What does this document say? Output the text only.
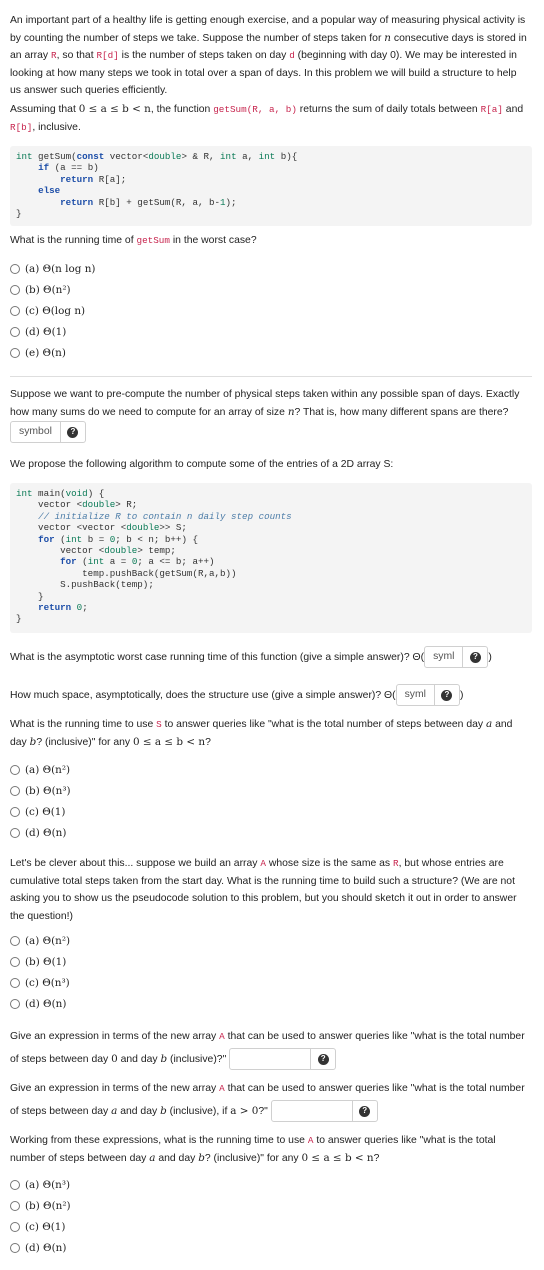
An important part of a healthy life is getting enough exercise, and a popular way of measuring physical activity is by counting the number of steps we take. Suppose the number of steps taken for n consecutive days is stored in an array R, so that R[d] is the number of steps taken on day d (beginning with day 0). We may be interested in looking at how many steps we took in total over a span of days. In this problem we will build a structure to help us answer such queries efficiently.

Assuming that 0 ≤ a ≤ b < n, the function getSum(R, a, b) returns the sum of daily totals between R[a] and R[b], inclusive.

int getSum(const vector<double> & R, int a, int b){
if (a == b)
return R[a];
else
return R[b] + getSum(R, a, b-1);
}

What is the running time of getSum in the worst case?

(a) Θ(n log n)
(b) Θ(n²)
(c) Θ(log n)
(d) Θ(1)
(e) Θ(n)

Suppose we want to pre-compute the number of physical steps taken within any possible span of days. Exactly how many sums do we need to compute for an array of size n? That is, how many different spans are there?
symbol	?

We propose the following algorithm to compute some of the entries of a 2D array S:

int main(void) {
vector <double> R;
// initialize R to contain n daily step counts
vector <vector <double>> S;
for (int b = 0; b < n; b++) {
vector <double> temp;
for (int a = 0; a <= b; a++)
temp.pushBack(getSum(R,a,b))
S.pushBack(temp);
}
return 0;
}

What is the asymptotic worst case running time of this function (give a simple answer)? Θ( syml	? )

How much space, asymptotically, does the structure use (give a simple answer)? Θ( syml	? )

What is the running time to use S to answer queries like "what is the total number of steps between day a and day b? (inclusive)" for any 0 ≤ a ≤ b < n?

(a) Θ(n²)
(b) Θ(n³)
(c) Θ(1)
(d) Θ(n)

Let's be clever about this... suppose we build an array A whose size is the same as R, but whose entries are cumulative total steps taken from the start day. What is the running time to build such a structure? (We are not asking you to show us the pseudocode solution to this problem, but you should sketch it out in order to answer the question!)

(a) Θ(n²)
(b) Θ(1)
(c) Θ(n³)
(d) Θ(n)

Give an expression in terms of the new array A that can be used to answer queries like "what is the total number of steps between day 0 and day b (inclusive)?"	?

Give an expression in terms of the new array A that can be used to answer queries like "what is the total number of steps between day a and day b (inclusive), if a > 0?"	?

Working from these expressions, what is the running time to use A to answer queries like "what is the total number of steps between day a and day b? (inclusive)" for any 0 ≤ a ≤ b < n?

(a) Θ(n³)
(b) Θ(n²)
(c) Θ(1)
(d) Θ(n)
